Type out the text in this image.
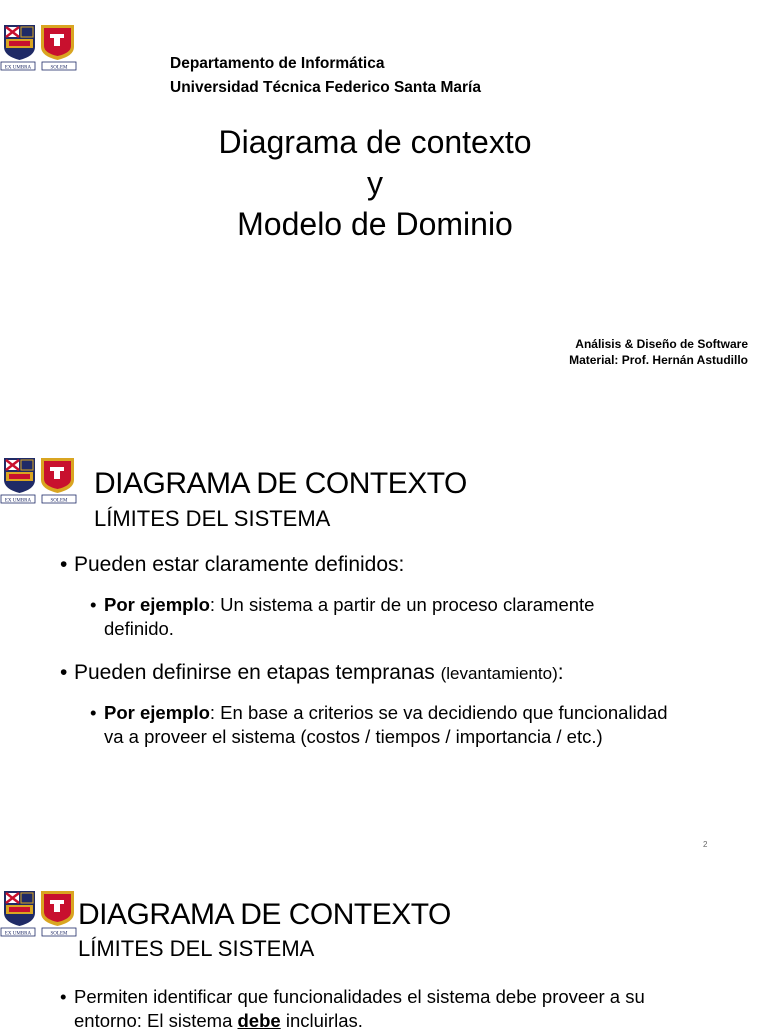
EX UMBRA	SOLEM	Departamento de Informática
Universidad Técnica Federico Santa María
Diagrama de contexto
y
Modelo de Dominio
Análisis & Diseño de Software
Material: Prof. Hernán Astudillo
EX UMBRA	SOLEM
DIAGRAMA DE CONTEXTO
LÍMITES DEL SISTEMA
• Pueden estar claramente definidos:
• Por ejemplo: Un sistema a partir de un proceso claramente
definido.
• Pueden definirse en etapas tempranas (levantamiento):
• Por ejemplo: En base a criterios se va decidiendo que funcionalidad
va a proveer el sistema (costos / tiempos / importancia / etc.)
2
EX UMBRA	SOLEM
DIAGRAMA DE CONTEXTO
LÍMITES DEL SISTEMA
• Permiten identificar que funcionalidades el sistema debe proveer a su
entorno: El sistema debe incluirlas.
